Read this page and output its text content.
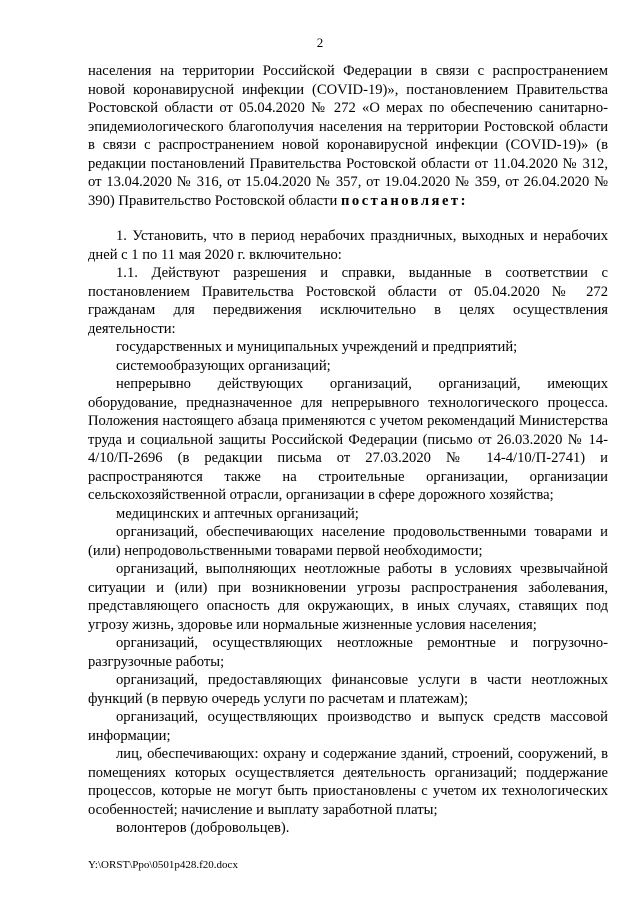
2

населения на территории Российской Федерации в связи с распространением новой коронавирусной инфекции (COVID-19)», постановлением Правительства Ростовской области от 05.04.2020 № 272 «О мерах по обеспечению санитарно-эпидемиологического благополучия населения на территории Ростовской области в связи с распространением новой коронавирусной инфекции (COVID-19)» (в редакции постановлений Правительства Ростовской области от 11.04.2020 № 312, от 13.04.2020 № 316, от 15.04.2020 № 357, от 19.04.2020 № 359, от 26.04.2020 № 390) Правительство Ростовской области постановляет:

1. Установить, что в период нерабочих праздничных, выходных и нерабочих дней с 1 по 11 мая 2020 г. включительно:

1.1. Действуют разрешения и справки, выданные в соответствии с постановлением Правительства Ростовской области от 05.04.2020 № 272 гражданам для передвижения исключительно в целях осуществления деятельности:

государственных и муниципальных учреждений и предприятий;

системообразующих организаций;

непрерывно действующих организаций, организаций, имеющих оборудование, предназначенное для непрерывного технологического процесса. Положения настоящего абзаца применяются с учетом рекомендаций Министерства труда и социальной защиты Российской Федерации (письмо от 26.03.2020 № 14-4/10/П-2696 (в редакции письма от 27.03.2020 № 14-4/10/П-2741) и распространяются также на строительные организации, организации сельскохозяйственной отрасли, организации в сфере дорожного хозяйства;

медицинских и аптечных организаций;

организаций, обеспечивающих население продовольственными товарами и (или) непродовольственными товарами первой необходимости;

организаций, выполняющих неотложные работы в условиях чрезвычайной ситуации и (или) при возникновении угрозы распространения заболевания, представляющего опасность для окружающих, в иных случаях, ставящих под угрозу жизнь, здоровье или нормальные жизненные условия населения;

организаций, осуществляющих неотложные ремонтные и погрузочно-разгрузочные работы;

организаций, предоставляющих финансовые услуги в части неотложных функций (в первую очередь услуги по расчетам и платежам);

организаций, осуществляющих производство и выпуск средств массовой информации;

лиц, обеспечивающих: охрану и содержание зданий, строений, сооружений, в помещениях которых осуществляется деятельность организаций; поддержание процессов, которые не могут быть приостановлены с учетом их технологических особенностей; начисление и выплату заработной платы;

волонтеров (добровольцев).

Y:\ORST\Ppo\0501p428.f20.docx
